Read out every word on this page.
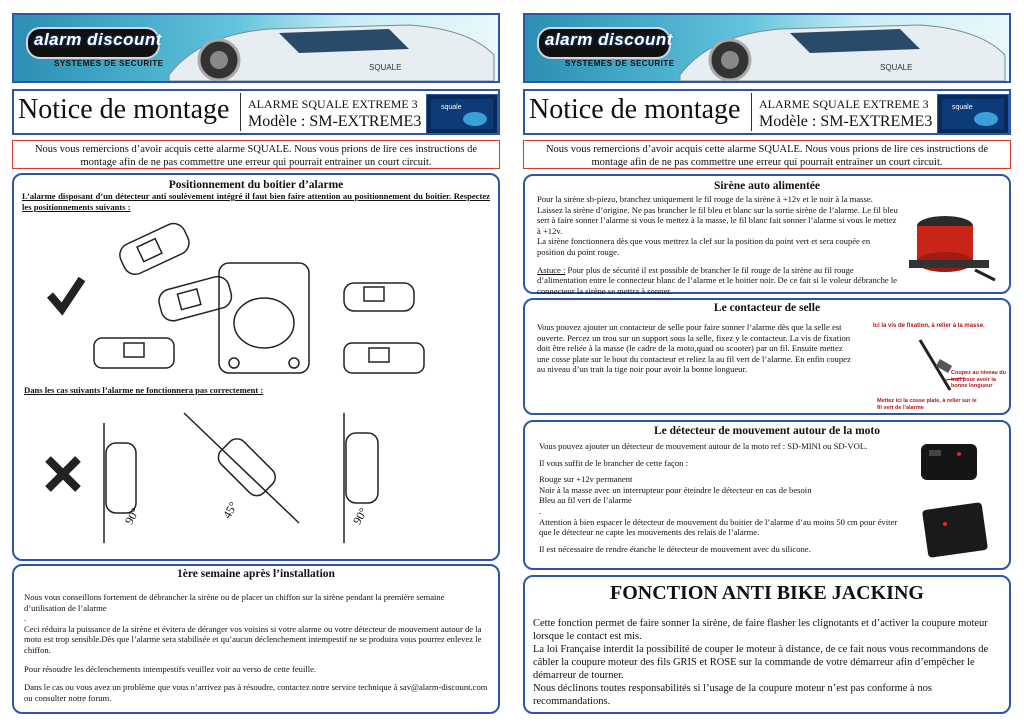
alarm discount
SYSTEMES DE SECURITE	SQUALE
Notice de montage ALARME SQUALE EXTREME 3
Modèle : SM-EXTREME3
squale
Nous vous remercions d’avoir acquis cette alarme SQUALE. Nous vous prions de lire ces instructions de montage afin de ne pas commettre une erreur qui pourrait entrainer un court circuit.
Positionnement du boitier d’alarme
L’alarme disposant d’un détecteur anti soulèvement intégré il faut bien faire attention au positionnement du boitier. Respectez les positionnements suivants :
Dans les cas suivants l’alarme ne fonctionnera pas correctement :
90°	45°	90°
1ère semaine après l’installation

Nous vous conseillons fortement de débrancher la sirène ou de placer un chiffon sur la sirène pendant la première semaine d’utilisation de l’alarme

.

Ceci réduira la puissance de la sirène et évitera de déranger vos voisins si votre alarme ou votre détecteur de mouvement autour de la moto est trop sensible.Dès que l’alarme sera stabilisée et qu’aucun déclenchement intempestif ne se produira vous pourrez enlevez le chiffon.

Pour résoudre les déclenchements intempestifs veuillez voir au verso de cette feuille.

Dans le cas ou vous avez un problème que vous n’arrivez pas à résoudre, contactez notre service technique à sav@alarm-discount.com ou consulter notre forum.

alarm discount
SYSTEMES DE SECURITE	SQUALE
Notice de montage ALARME SQUALE EXTREME 3
Modèle : SM-EXTREME3
squale
Nous vous remercions d’avoir acquis cette alarme SQUALE. Nous vous prions de lire ces instructions de montage afin de ne pas commettre une erreur qui pourrait entrainer un court circuit.
Sirène auto alimentée

Pour la sirène sb-piezo, branchez uniquement le fil rouge de la sirène à +12v et le noir à la masse. Laissez la sirène d’origine. Ne pas brancher le fil bleu et blanc sur la sortie sirène de l’alarme. Le fil bleu sert à faire sonner l’alarme si vous le mettez à la masse, le fil blanc fait sonner l’alarme si vous le mettez à +12v.

La sirène fonctionnera dès que vous mettrez la clef sur la position du point vert et sera coupée en position du point rouge.

Astuce : Pour plus de sécurité il est possible de brancher le fil rouge de la sirène au fil rouge d’alimentation entre le connecteur blanc de l’alarme et le boitier noir. De ce fait si le voleur débranche le connecteur la sirène se mettra à sonner.

Le contacteur de selle

Vous pouvez ajouter un contacteur de selle pour faire sonner l’alarme dès que la selle est ouverte. Percez un trou sur un support sous la selle, fixez y le contacteur. La vis de fixation doit être reliée à la masse (le cadre de la moto,quad ou scooter) par un fil. Ensuite mettez une cosse plate sur le bout du contacteur et reliez la au fil vert de l’alarme. En enfin coupez au niveau d’un trait la tige noir pour avoir la bonne longueur.

Ici la vis de fixation, à relier à la masse.
Coupez au niveau du trait pour avoir la bonne longueur
Mettez ici la cosse plate, à relier sur le fil vert de l’alarme
Le détecteur de mouvement autour de la moto

Vous pouvez ajouter un détecteur de mouvement autour de la moto ref : SD-MINI ou SD-VOL.

Il vous suffit de le brancher de cette façon :

Rouge sur +12v permanent

Noir à la masse avec un interrupteur pour éteindre le détecteur en cas de besoin

Bleu au fil vert de l’alarme

.

Attention à bien espacer le détecteur de mouvement du boitier de l’alarme d’au moins 50 cm pour éviter que le détecteur ne capte les mouvements des relais de l’alarme.

Il est nécessaire de rendre étanche le détecteur de mouvement avec du silicone.

FONCTION ANTI BIKE JACKING

Cette fonction permet de faire sonner la sirène, de faire flasher les clignotants et d’activer la coupure moteur lorsque le contact est mis.

La loi Française interdit la possibilité de couper le moteur à distance, de ce fait nous vous recommandons de câbler la coupure moteur des fils GRIS et ROSE sur la commande de votre démarreur afin d’empêcher le démarreur de tourner.

Nous déclinons toutes responsabilités si l’usage de la coupure moteur n’est pas conforme à nos recommandations.
